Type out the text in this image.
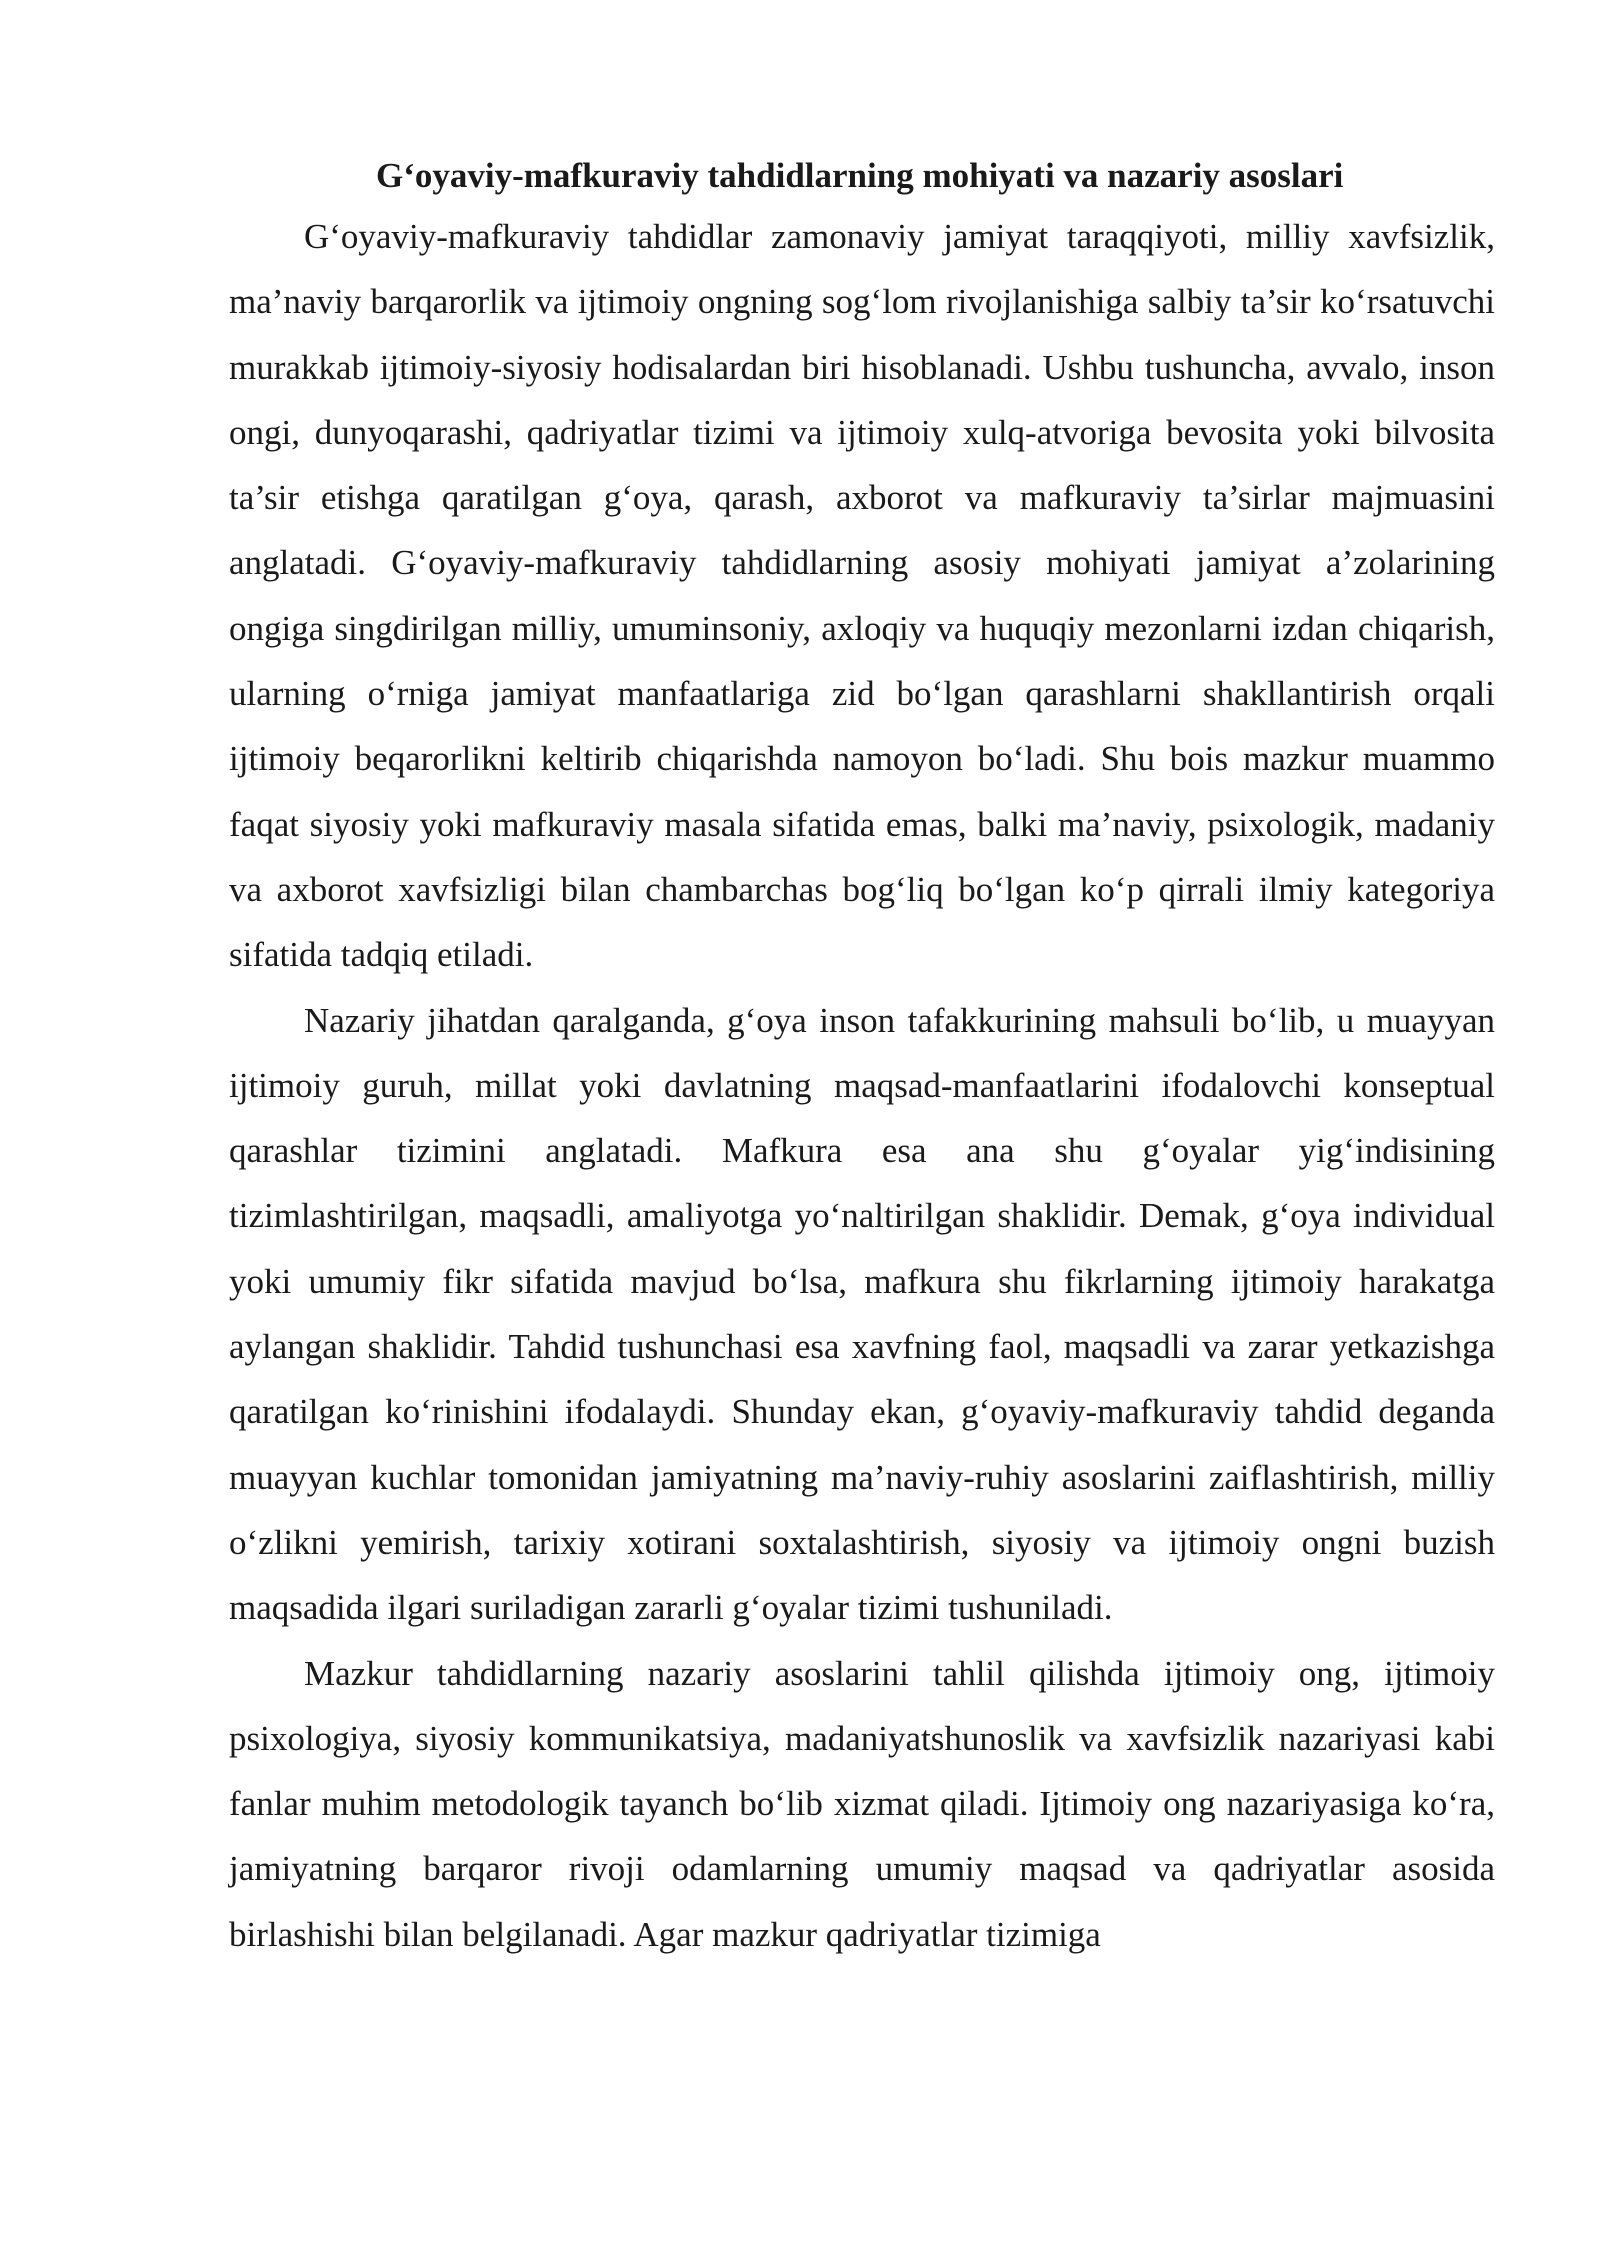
G‘oyaviy-mafkuraviy tahdidlarning mohiyati va nazariy asoslari

G‘oyaviy-mafkuraviy tahdidlar zamonaviy jamiyat taraqqiyoti, milliy xavfsizlik, ma’naviy barqarorlik va ijtimoiy ongning sog‘lom rivojlanishiga salbiy ta’sir ko‘rsatuvchi murakkab ijtimoiy-siyosiy hodisalardan biri hisoblanadi. Ushbu tushuncha, avvalo, inson ongi, dunyoqarashi, qadriyatlar tizimi va ijtimoiy xulq-atvoriga bevosita yoki bilvosita ta’sir etishga qaratilgan g‘oya, qarash, axborot va mafkuraviy ta’sirlar majmuasini anglatadi. G‘oyaviy-mafkuraviy tahdidlarning asosiy mohiyati jamiyat a’zolarining ongiga singdirilgan milliy, umuminsoniy, axloqiy va huquqiy mezonlarni izdan chiqarish, ularning o‘rniga jamiyat manfaatlariga zid bo‘lgan qarashlarni shakllantirish orqali ijtimoiy beqarorlikni keltirib chiqarishda namoyon bo‘ladi. Shu bois mazkur muammo faqat siyosiy yoki mafkuraviy masala sifatida emas, balki ma’naviy, psixologik, madaniy va axborot xavfsizligi bilan chambarchas bog‘liq bo‘lgan ko‘p qirrali ilmiy kategoriya sifatida tadqiq etiladi.

Nazariy jihatdan qaralganda, g‘oya inson tafakkurining mahsuli bo‘lib, u muayyan ijtimoiy guruh, millat yoki davlatning maqsad-manfaatlarini ifodalovchi konseptual qarashlar tizimini anglatadi. Mafkura esa ana shu g‘oyalar yig‘indisining tizimlashtirilgan, maqsadli, amaliyotga yo‘naltirilgan shaklidir. Demak, g‘oya individual yoki umumiy fikr sifatida mavjud bo‘lsa, mafkura shu fikrlarning ijtimoiy harakatga aylangan shaklidir. Tahdid tushunchasi esa xavfning faol, maqsadli va zarar yetkazishga qaratilgan ko‘rinishini ifodalaydi. Shunday ekan, g‘oyaviy-mafkuraviy tahdid deganda muayyan kuchlar tomonidan jamiyatning ma’naviy-ruhiy asoslarini zaiflashtirish, milliy o‘zlikni yemirish, tarixiy xotirani soxtalashtirish, siyosiy va ijtimoiy ongni buzish maqsadida ilgari suriladigan zararli g‘oyalar tizimi tushuniladi.

Mazkur tahdidlarning nazariy asoslarini tahlil qilishda ijtimoiy ong, ijtimoiy psixologiya, siyosiy kommunikatsiya, madaniyatshunoslik va xavfsizlik nazariyasi kabi fanlar muhim metodologik tayanch bo‘lib xizmat qiladi. Ijtimoiy ong nazariyasiga ko‘ra, jamiyatning barqaror rivoji odamlarning umumiy maqsad va qadriyatlar asosida birlashishi bilan belgilanadi. Agar mazkur qadriyatlar tizimiga
